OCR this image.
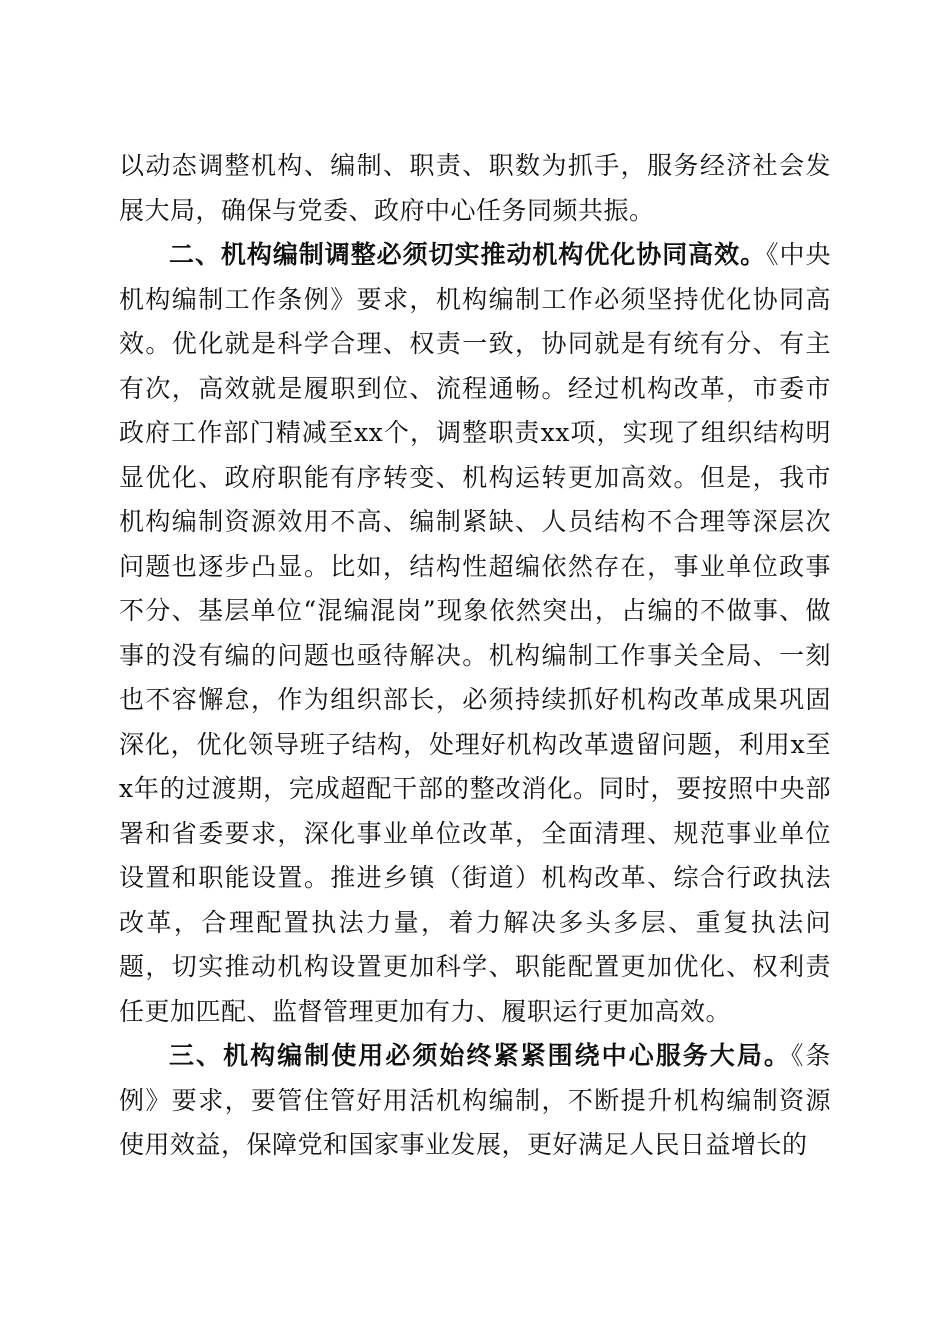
以动态调整机构、编制、职责、职数为抓手，服务经济社会发展大局，确保与党委、政府中心任务同频共振。

二、机构编制调整必须切实推动机构优化协同高效。《中央机构编制工作条例》要求，机构编制工作必须坚持优化协同高效。优化就是科学合理、权责一致，协同就是有统有分、有主有次，高效就是履职到位、流程通畅。经过机构改革，市委市政府工作部门精减至xx个，调整职责xx项，实现了组织结构明显优化、政府职能有序转变、机构运转更加高效。但是，我市机构编制资源效用不高、编制紧缺、人员结构不合理等深层次问题也逐步凸显。比如，结构性超编依然存在，事业单位政事不分、基层单位“混编混岗”现象依然突出，占编的不做事、做事的没有编的问题也亟待解决。机构编制工作事关全局、一刻也不容懈怠，作为组织部长，必须持续抓好机构改革成果巩固深化，优化领导班子结构，处理好机构改革遗留问题，利用x至x年的过渡期，完成超配干部的整改消化。同时，要按照中央部署和省委要求，深化事业单位改革，全面清理、规范事业单位设置和职能设置。推进乡镇（街道）机构改革、综合行政执法改革，合理配置执法力量，着力解决多头多层、重复执法问题，切实推动机构设置更加科学、职能配置更加优化、权利责任更加匹配、监督管理更加有力、履职运行更加高效。

三、机构编制使用必须始终紧紧围绕中心服务大局。《条例》要求，要管住管好用活机构编制，不断提升机构编制资源使用效益，保障党和国家事业发展，更好满足人民日益增长的
